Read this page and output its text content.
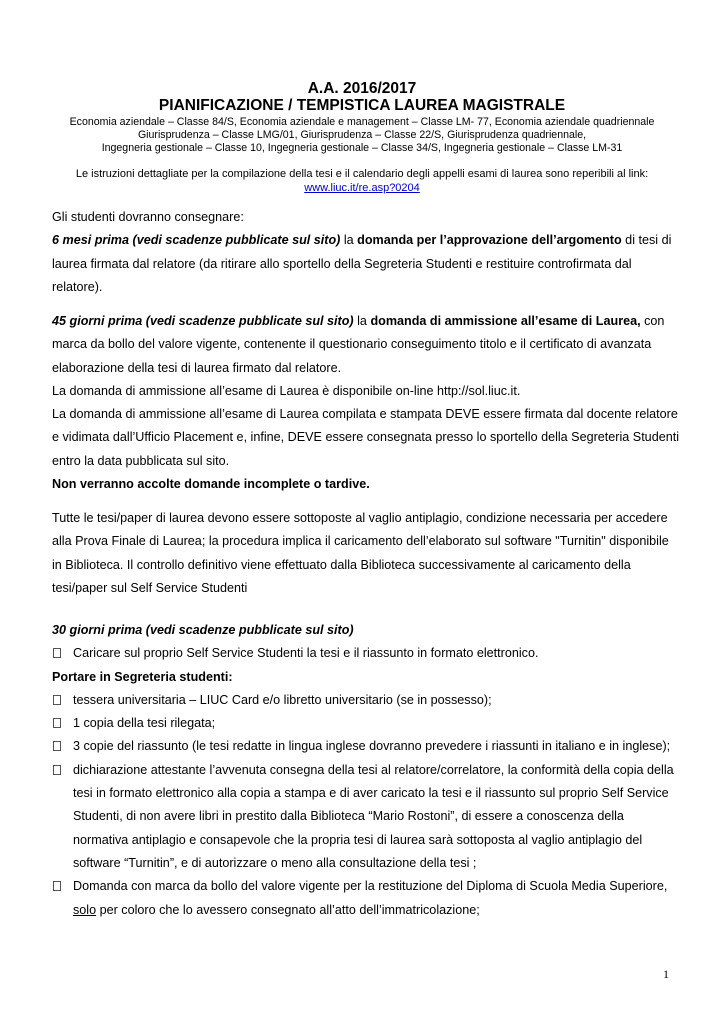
A.A. 2016/2017
PIANIFICAZIONE / TEMPISTICA LAUREA MAGISTRALE
Economia aziendale – Classe 84/S, Economia aziendale e management – Classe LM- 77, Economia aziendale quadriennale
Giurisprudenza – Classe LMG/01, Giurisprudenza – Classe 22/S, Giurisprudenza quadriennale,
Ingegneria gestionale – Classe 10, Ingegneria gestionale – Classe 34/S, Ingegneria gestionale – Classe LM-31
Le istruzioni dettagliate per la compilazione della tesi e il calendario degli appelli esami di laurea sono reperibili al link: www.liuc.it/re.asp?0204

Gli studenti dovranno consegnare:

6 mesi prima (vedi scadenze pubblicate sul sito) la domanda per l’approvazione dell’argomento di tesi di laurea firmata dal relatore (da ritirare allo sportello della Segreteria Studenti e restituire controfirmata dal relatore).

45 giorni prima (vedi scadenze pubblicate sul sito) la domanda di ammissione all’esame di Laurea, con marca da bollo del valore vigente, contenente il questionario conseguimento titolo e il certificato di avanzata elaborazione della tesi di laurea firmato dal relatore.

La domanda di ammissione all’esame di Laurea è disponibile on-line http://sol.liuc.it.

La domanda di ammissione all’esame di Laurea compilata e stampata DEVE essere firmata dal docente relatore e vidimata dall’Ufficio Placement e, infine, DEVE essere consegnata presso lo sportello della Segreteria Studenti entro la data pubblicata sul sito.

Non verranno accolte domande incomplete o tardive.

Tutte le tesi/paper di laurea devono essere sottoposte al vaglio antiplagio, condizione necessaria per accedere alla Prova Finale di Laurea; la procedura implica il caricamento dell’elaborato sul software "Turnitin" disponibile in Biblioteca. Il controllo definitivo viene effettuato dalla Biblioteca successivamente al caricamento della tesi/paper sul Self Service Studenti

30 giorni prima (vedi scadenze pubblicate sul sito)

Caricare sul proprio Self Service Studenti la tesi e il riassunto in formato elettronico.

Portare in Segreteria studenti:

tessera universitaria – LIUC Card e/o libretto universitario (se in possesso);

1 copia della tesi rilegata;

3 copie del riassunto (le tesi redatte in lingua inglese dovranno prevedere i riassunti in italiano e in inglese);

dichiarazione attestante l’avvenuta consegna della tesi al relatore/correlatore, la conformità della copia della tesi in formato elettronico alla copia a stampa e di aver caricato la tesi e il riassunto sul proprio Self Service Studenti, di non avere libri in prestito dalla Biblioteca “Mario Rostoni”, di essere a conoscenza della normativa antiplagio e consapevole che la propria tesi di laurea sarà sottoposta al vaglio antiplagio del software “Turnitin”, e di autorizzare o meno alla consultazione della tesi ;

Domanda con marca da bollo del valore vigente per la restituzione del Diploma di Scuola Media Superiore, solo per coloro che lo avessero consegnato all’atto dell’immatricolazione;

1
